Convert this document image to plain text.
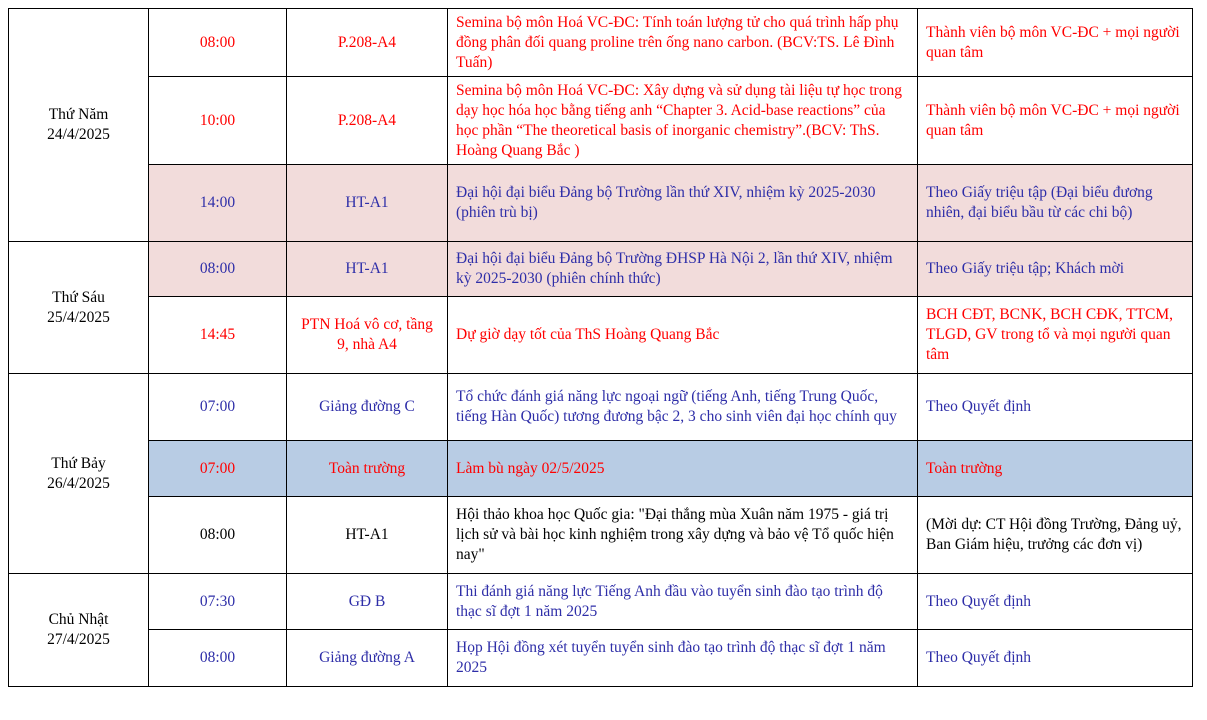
Thứ Năm
24/4/2025	08:00	P.208-A4	Semina bộ môn Hoá VC-ĐC: Tính toán lượng tử cho quá trình hấp phụ đồng phân đối quang proline trên ống nano carbon. (BCV:TS. Lê Đình Tuấn)	Thành viên bộ môn VC-ĐC + mọi người quan tâm
	10:00	P.208-A4	Semina bộ môn Hoá VC-ĐC: Xây dựng và sử dụng tài liệu tự học trong dạy học hóa học bằng tiếng anh “Chapter 3. Acid-base reactions” của học phần “The theoretical basis of inorganic chemistry”.(BCV: ThS. Hoàng Quang Bắc )	Thành viên bộ môn VC-ĐC + mọi người quan tâm
	14:00	HT-A1	Đại hội đại biểu Đảng bộ Trường lần thứ XIV, nhiệm kỳ 2025-2030 (phiên trù bị)	Theo Giấy triệu tập (Đại biểu đương nhiên, đại biểu bầu từ các chi bộ)

Thứ Sáu
25/4/2025	08:00	HT-A1	Đại hội đại biểu Đảng bộ Trường ĐHSP Hà Nội 2, lần thứ XIV, nhiệm kỳ 2025-2030 (phiên chính thức)	Theo Giấy triệu tập; Khách mời
	14:45	PTN Hoá vô cơ, tầng 9, nhà A4	Dự giờ dạy tốt của ThS Hoàng Quang Bắc	BCH CĐT, BCNK, BCH CĐK, TTCM, TLGD, GV trong tổ và mọi người quan tâm

Thứ Bảy
26/4/2025	07:00	Giảng đường C	Tổ chức đánh giá năng lực ngoại ngữ (tiếng Anh, tiếng Trung Quốc, tiếng Hàn Quốc) tương đương bậc 2, 3 cho sinh viên đại học chính quy	Theo Quyết định
	07:00	Toàn trường	Làm bù ngày 02/5/2025	Toàn trường
	08:00	HT-A1	Hội thảo khoa học Quốc gia: "Đại thắng mùa Xuân năm 1975 - giá trị lịch sử và bài học kinh nghiệm trong xây dựng và bảo vệ Tổ quốc hiện nay"	(Mời dự: CT Hội đồng Trường, Đảng uỷ, Ban Giám hiệu, trưởng các đơn vị)

Chủ Nhật
27/4/2025	07:30	GĐ B	Thi đánh giá năng lực Tiếng Anh đầu vào tuyển sinh đào tạo trình độ thạc sĩ đợt 1 năm 2025	Theo Quyết định
	08:00	Giảng đường A	Họp Hội đồng xét tuyển tuyển sinh đào tạo trình độ thạc sĩ đợt 1 năm 2025	Theo Quyết định
